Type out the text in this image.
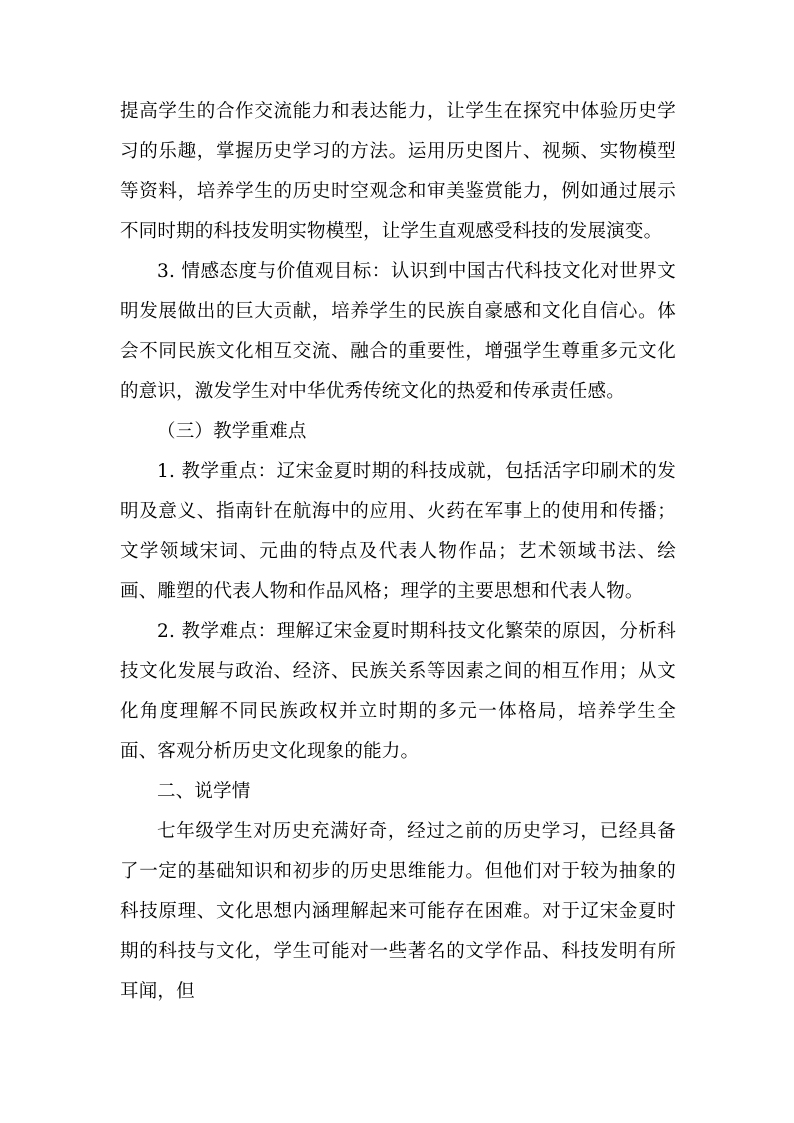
提高学生的合作交流能力和表达能力，让学生在探究中体验历史学习的乐趣，掌握历史学习的方法。运用历史图片、视频、实物模型等资料，培养学生的历史时空观念和审美鉴赏能力，例如通过展示不同时期的科技发明实物模型，让学生直观感受科技的发展演变。

3. 情感态度与价值观目标：认识到中国古代科技文化对世界文明发展做出的巨大贡献，培养学生的民族自豪感和文化自信心。体会不同民族文化相互交流、融合的重要性，增强学生尊重多元文化的意识，激发学生对中华优秀传统文化的热爱和传承责任感。

（三）教学重难点

1. 教学重点：辽宋金夏时期的科技成就，包括活字印刷术的发明及意义、指南针在航海中的应用、火药在军事上的使用和传播；文学领域宋词、元曲的特点及代表人物作品；艺术领域书法、绘画、雕塑的代表人物和作品风格；理学的主要思想和代表人物。

2. 教学难点：理解辽宋金夏时期科技文化繁荣的原因，分析科技文化发展与政治、经济、民族关系等因素之间的相互作用；从文化角度理解不同民族政权并立时期的多元一体格局，培养学生全面、客观分析历史文化现象的能力。

二、说学情

七年级学生对历史充满好奇，经过之前的历史学习，已经具备了一定的基础知识和初步的历史思维能力。但他们对于较为抽象的科技原理、文化思想内涵理解起来可能存在困难。对于辽宋金夏时期的科技与文化，学生可能对一些著名的文学作品、科技发明有所耳闻，但
